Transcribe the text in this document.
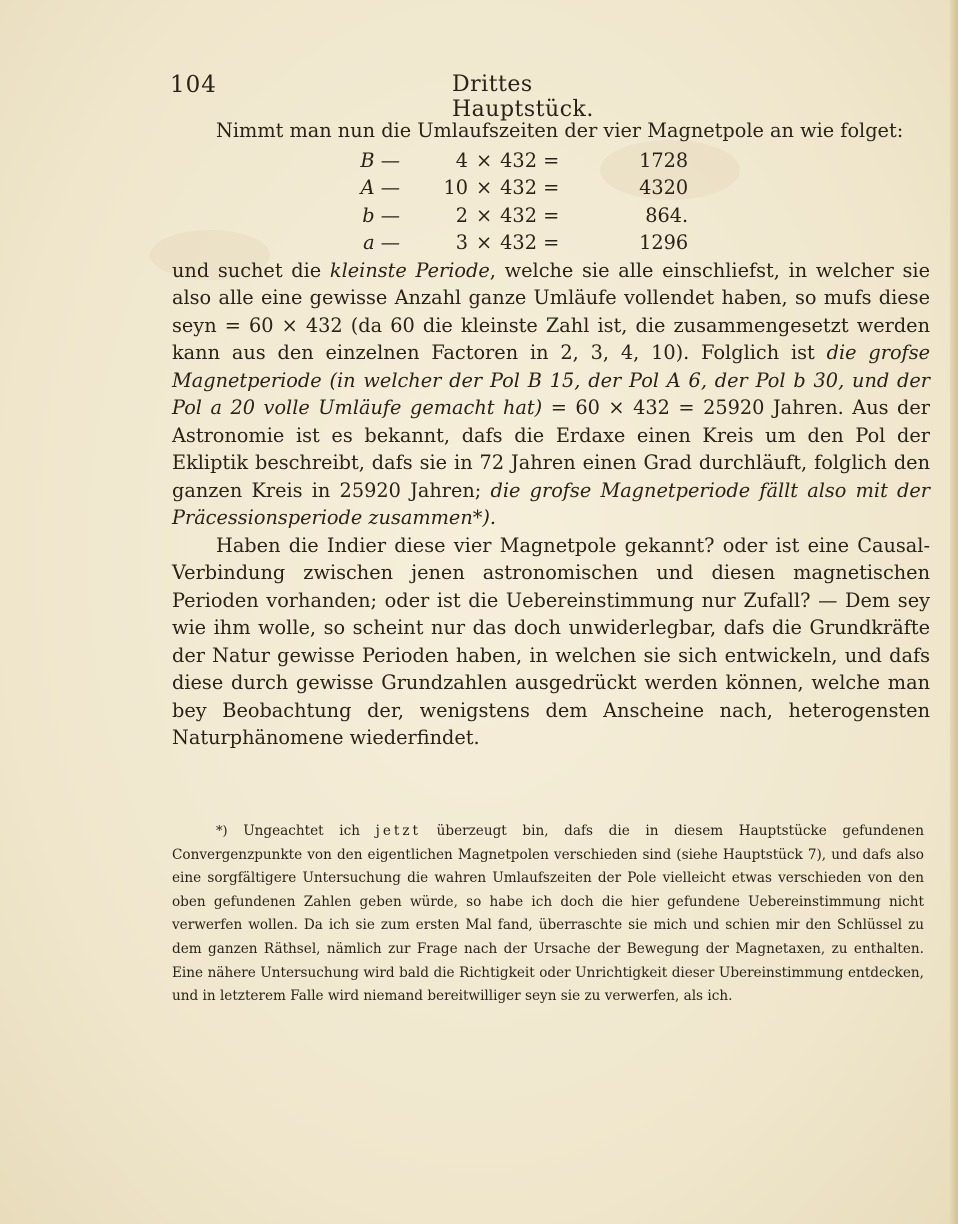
104	Drittes Hauptstück.

Nimmt man nun die Umlaufszeiten der vier Magnetpole an wie folget:

B —	4	×	432 =	1728
A —	10	×	432 =	4320
b —	2	×	432 =	864.
a —	3	×	432 =	1296

und suchet die kleinste Periode, welche sie alle einschliefst, in welcher sie also alle eine gewisse Anzahl ganze Umläufe vollendet haben, so mufs diese seyn = 60 × 432 (da 60 die kleinste Zahl ist, die zusammengesetzt werden kann aus den einzelnen Factoren in 2, 3, 4, 10). Folglich ist die grofse Magnetperiode (in welcher der Pol B 15, der Pol A 6, der Pol b 30, und der Pol a 20 volle Umläufe gemacht hat) = 60 × 432 = 25920 Jahren. Aus der Astronomie ist es bekannt, dafs die Erdaxe einen Kreis um den Pol der Ekliptik beschreibt, dafs sie in 72 Jahren einen Grad durchläuft, folglich den ganzen Kreis in 25920 Jahren; die grofse Magnetperiode fällt also mit der Präcessionsperiode zusammen*).

Haben die Indier diese vier Magnetpole gekannt? oder ist eine Causal-Verbindung zwischen jenen astronomischen und diesen magnetischen Perioden vorhanden; oder ist die Uebereinstimmung nur Zufall? — Dem sey wie ihm wolle, so scheint nur das doch unwiderlegbar, dafs die Grundkräfte der Natur gewisse Perioden haben, in welchen sie sich entwickeln, und dafs diese durch gewisse Grundzahlen ausgedrückt werden können, welche man bey Beobachtung der, wenigstens dem Anscheine nach, heterogensten Naturphänomene wiederfindet.

*) Ungeachtet ich jetzt überzeugt bin, dafs die in diesem Hauptstücke gefundenen Convergenzpunkte von den eigentlichen Magnetpolen verschieden sind (siehe Hauptstück 7), und dafs also eine sorgfältigere Untersuchung die wahren Umlaufszeiten der Pole vielleicht etwas verschieden von den oben gefundenen Zahlen geben würde, so habe ich doch die hier gefundene Uebereinstimmung nicht verwerfen wollen. Da ich sie zum ersten Mal fand, überraschte sie mich und schien mir den Schlüssel zu dem ganzen Räthsel, nämlich zur Frage nach der Ursache der Bewegung der Magnetaxen, zu enthalten. Eine nähere Untersuchung wird bald die Richtigkeit oder Unrichtigkeit dieser Ubereinstimmung entdecken, und in letzterem Falle wird niemand bereitwilliger seyn sie zu verwerfen, als ich.
